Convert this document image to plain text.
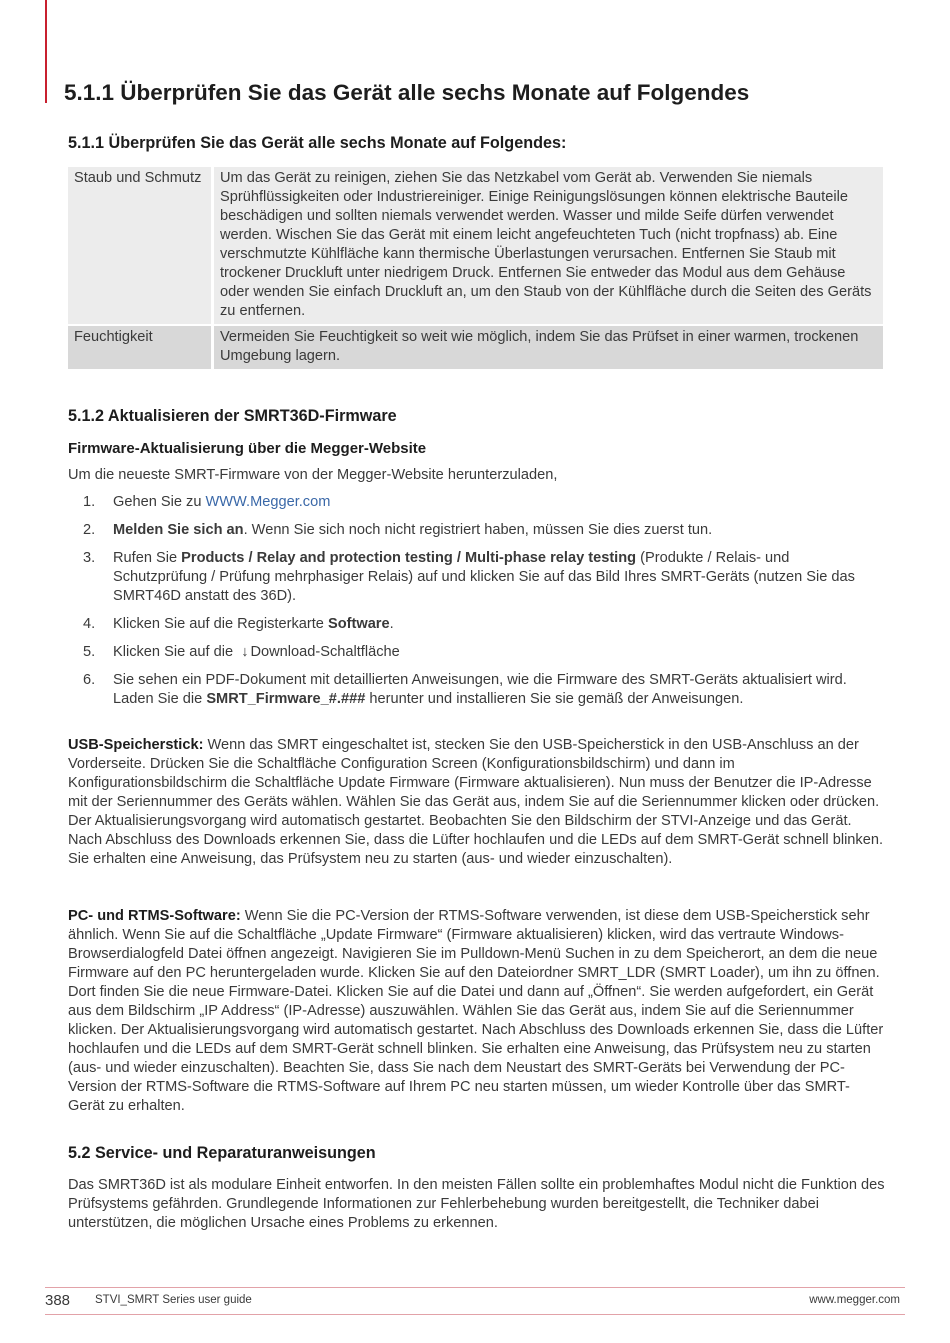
5.1.1 Überprüfen Sie das Gerät alle sechs Monate auf Folgendes
5.1.1 Überprüfen Sie das Gerät alle sechs Monate auf Folgendes:
Staub und Schmutz	Um das Gerät zu reinigen, ziehen Sie das Netzkabel vom Gerät ab. Verwenden Sie niemals Sprühflüssigkeiten oder Industriereiniger. Einige Reinigungslösungen können elektrische Bauteile beschädigen und sollten niemals verwendet werden. Wasser und milde Seife dürfen verwendet werden. Wischen Sie das Gerät mit einem leicht angefeuchteten Tuch (nicht tropfnass) ab. Eine verschmutzte Kühlfläche kann thermische Überlastungen verursachen. Entfernen Sie Staub mit trockener Druckluft unter niedrigem Druck. Entfernen Sie entweder das Modul aus dem Gehäuse oder wenden Sie einfach Druckluft an, um den Staub von der Kühlfläche durch die Seiten des Geräts zu entfernen.
Feuchtigkeit	Vermeiden Sie Feuchtigkeit so weit wie möglich, indem Sie das Prüfset in einer warmen, trockenen Umgebung lagern.
5.1.2 Aktualisieren der SMRT36D-Firmware
Firmware-Aktualisierung über die Megger-Website

Um die neueste SMRT-Firmware von der Megger-Website herunterzuladen,

1. Gehen Sie zu WWW.Megger.com
2. Melden Sie sich an. Wenn Sie sich noch nicht registriert haben, müssen Sie dies zuerst tun.
3. Rufen Sie Products / Relay and protection testing / Multi-phase relay testing (Produkte / Relais- und Schutzprüfung / Prüfung mehrphasiger Relais) auf und klicken Sie auf das Bild Ihres SMRT-Geräts (nutzen Sie das SMRT46D anstatt des 36D).
4. Klicken Sie auf die Registerkarte Software.
5. Klicken Sie auf die  ↓ Download-Schaltfläche
6. Sie sehen ein PDF-Dokument mit detaillierten Anweisungen, wie die Firmware des SMRT-Geräts aktualisiert wird. Laden Sie die SMRT_Firmware_#.### herunter und installieren Sie sie gemäß der Anweisungen.

USB-Speicherstick: Wenn das SMRT eingeschaltet ist, stecken Sie den USB-Speicherstick in den USB-Anschluss an der Vorderseite. Drücken Sie die Schaltfläche Configuration Screen (Konfigurationsbildschirm) und dann im Konfigurationsbildschirm die Schaltfläche Update Firmware (Firmware aktualisieren). Nun muss der Benutzer die IP-Adresse mit der Seriennummer des Geräts wählen. Wählen Sie das Gerät aus, indem Sie auf die Seriennummer klicken oder drücken. Der Aktualisierungsvorgang wird automatisch gestartet. Beobachten Sie den Bildschirm der STVI-Anzeige und das Gerät. Nach Abschluss des Downloads erkennen Sie, dass die Lüfter hochlaufen und die LEDs auf dem SMRT-Gerät schnell blinken. Sie erhalten eine Anweisung, das Prüfsystem neu zu starten (aus- und wieder einzuschalten).

PC- und RTMS-Software: Wenn Sie die PC-Version der RTMS-Software verwenden, ist diese dem USB-Speicherstick sehr ähnlich. Wenn Sie auf die Schaltfläche „Update Firmware“ (Firmware aktualisieren) klicken, wird das vertraute Windows-Browserdialogfeld Datei öffnen angezeigt. Navigieren Sie im Pulldown-Menü Suchen in zu dem Speicherort, an dem die neue Firmware auf den PC heruntergeladen wurde. Klicken Sie auf den Dateiordner SMRT_LDR (SMRT Loader), um ihn zu öffnen. Dort finden Sie die neue Firmware-Datei. Klicken Sie auf die Datei und dann auf „Öffnen“. Sie werden aufgefordert, ein Gerät aus dem Bildschirm „IP Address“ (IP-Adresse) auszuwählen. Wählen Sie das Gerät aus, indem Sie auf die Seriennummer klicken. Der Aktualisierungsvorgang wird automatisch gestartet. Nach Abschluss des Downloads erkennen Sie, dass die Lüfter hochlaufen und die LEDs auf dem SMRT-Gerät schnell blinken. Sie erhalten eine Anweisung, das Prüfsystem neu zu starten (aus- und wieder einzuschalten). Beachten Sie, dass Sie nach dem Neustart des SMRT-Geräts bei Verwendung der PC-Version der RTMS-Software die RTMS-Software auf Ihrem PC neu starten müssen, um wieder Kontrolle über das SMRT-Gerät zu erhalten.

5.2 Service- und Reparaturanweisungen

Das SMRT36D ist als modulare Einheit entworfen. In den meisten Fällen sollte ein problemhaftes Modul nicht die Funktion des Prüfsystems gefährden. Grundlegende Informationen zur Fehlerbehebung wurden bereitgestellt, die Techniker dabei unterstützen, die möglichen Ursache eines Problems zu erkennen.

388 STVI_SMRT Series user guide	www.megger.com
